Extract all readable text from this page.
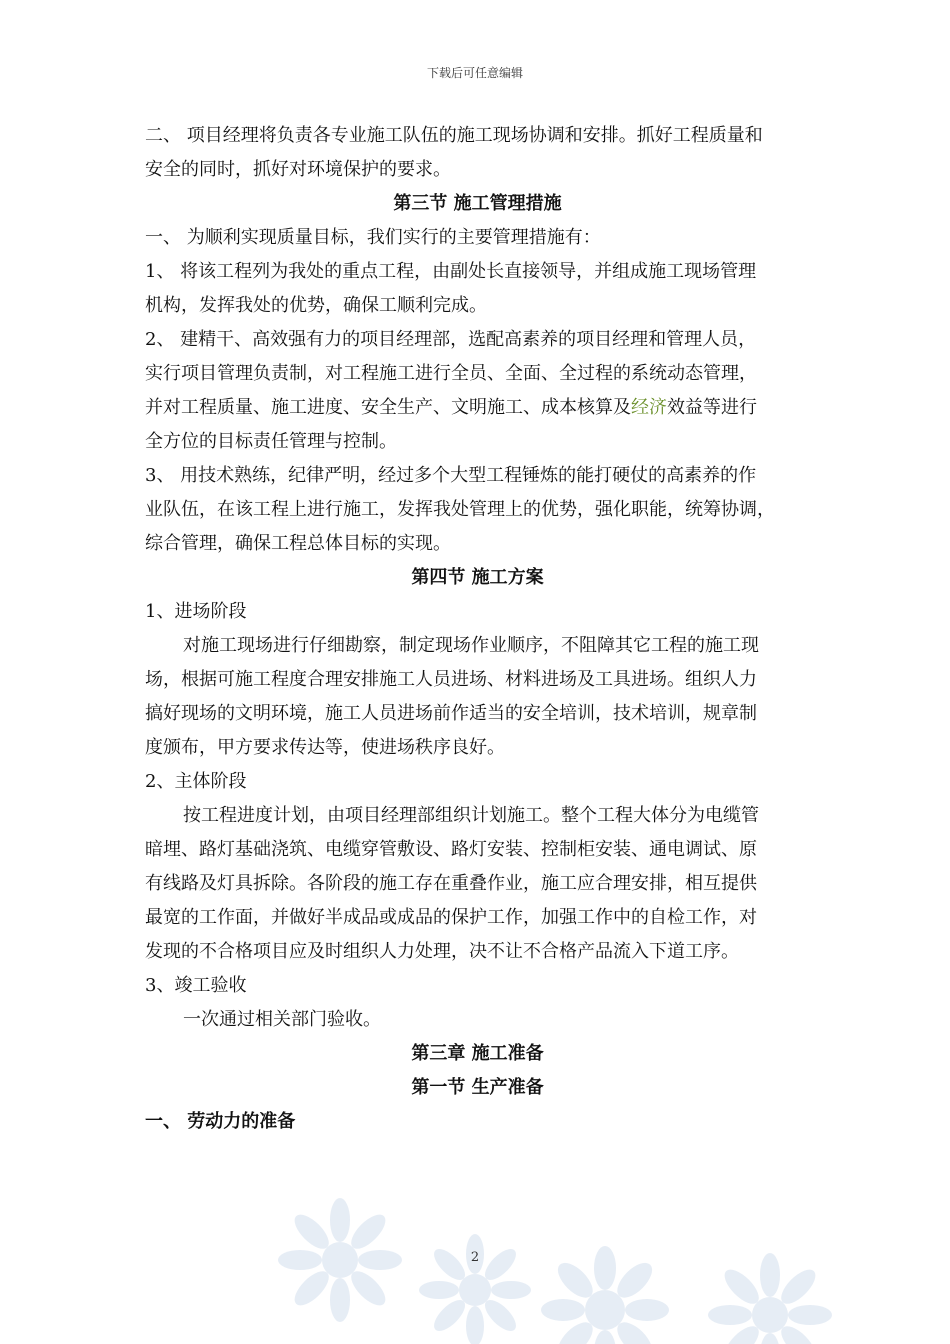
下载后可任意编辑
二、 项目经理将负责各专业施工队伍的施工现场协调和安排。抓好工程质量和
安全的同时，抓好对环境保护的要求。
第三节 施工管理措施
一、 为顺利实现质量目标，我们实行的主要管理措施有：
1、 将该工程列为我处的重点工程，由副处长直接领导，并组成施工现场管理
机构，发挥我处的优势，确保工顺利完成。
2、 建精干、高效强有力的项目经理部，选配高素养的项目经理和管理人员，
实行项目管理负责制，对工程施工进行全员、全面、全过程的系统动态管理，
并对工程质量、施工进度、安全生产、文明施工、成本核算及经济效益等进行
全方位的目标责任管理与控制。
3、 用技术熟练，纪律严明，经过多个大型工程锤炼的能打硬仗的高素养的作
业队伍，在该工程上进行施工，发挥我处管理上的优势，强化职能，统筹协调，
综合管理，确保工程总体目标的实现。
第四节 施工方案
1、进场阶段
对施工现场进行仔细勘察，制定现场作业顺序，不阻障其它工程的施工现
场，根据可施工程度合理安排施工人员进场、材料进场及工具进场。组织人力
搞好现场的文明环境，施工人员进场前作适当的安全培训，技术培训，规章制
度颁布，甲方要求传达等，使进场秩序良好。
2、主体阶段
按工程进度计划，由项目经理部组织计划施工。整个工程大体分为电缆管
暗埋、路灯基础浇筑、电缆穿管敷设、路灯安装、控制柜安装、通电调试、原
有线路及灯具拆除。各阶段的施工存在重叠作业，施工应合理安排，相互提供
最宽的工作面，并做好半成品或成品的保护工作，加强工作中的自检工作，对
发现的不合格项目应及时组织人力处理，决不让不合格产品流入下道工序。
3、竣工验收
一次通过相关部门验收。
第三章 施工准备
第一节 生产准备
一、 劳动力的准备
2
